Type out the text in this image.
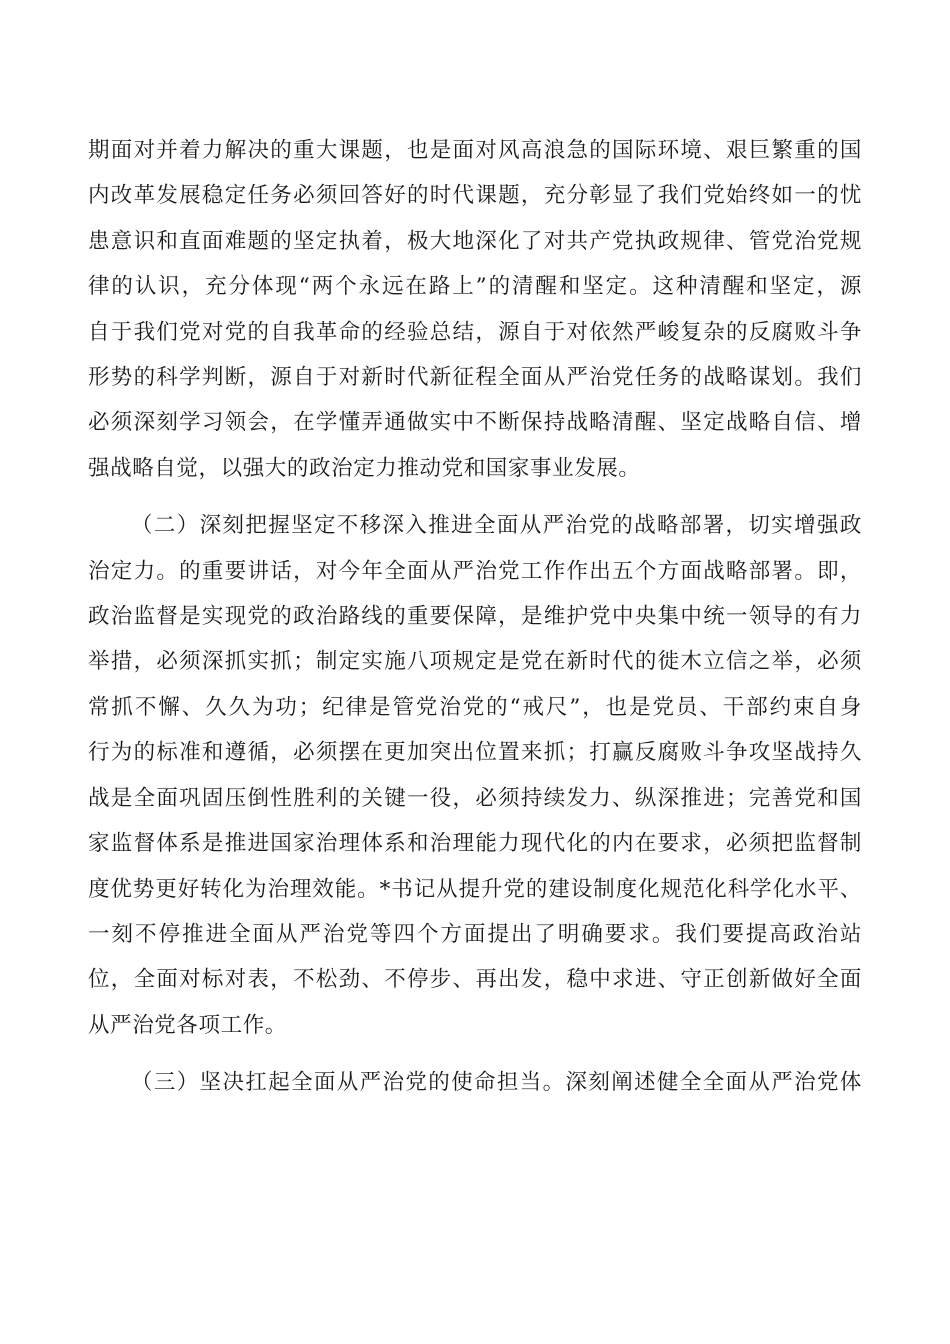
期面对并着力解决的重大课题，也是面对风高浪急的国际环境、艰巨繁重的国
内改革发展稳定任务必须回答好的时代课题，充分彰显了我们党始终如一的忧
患意识和直面难题的坚定执着，极大地深化了对共产党执政规律、管党治党规
律的认识，充分体现“两个永远在路上”的清醒和坚定。这种清醒和坚定，源
自于我们党对党的自我革命的经验总结，源自于对依然严峻复杂的反腐败斗争
形势的科学判断，源自于对新时代新征程全面从严治党任务的战略谋划。我们
必须深刻学习领会，在学懂弄通做实中不断保持战略清醒、坚定战略自信、增
强战略自觉，以强大的政治定力推动党和国家事业发展。

（二）深刻把握坚定不移深入推进全面从严治党的战略部署，切实增强政
治定力。的重要讲话，对今年全面从严治党工作作出五个方面战略部署。即，
政治监督是实现党的政治路线的重要保障，是维护党中央集中统一领导的有力
举措，必须深抓实抓；制定实施八项规定是党在新时代的徙木立信之举，必须
常抓不懈、久久为功；纪律是管党治党的“戒尺”，也是党员、干部约束自身
行为的标准和遵循，必须摆在更加突出位置来抓；打赢反腐败斗争攻坚战持久
战是全面巩固压倒性胜利的关键一役，必须持续发力、纵深推进；完善党和国
家监督体系是推进国家治理体系和治理能力现代化的内在要求，必须把监督制
度优势更好转化为治理效能。*书记从提升党的建设制度化规范化科学化水平、
一刻不停推进全面从严治党等四个方面提出了明确要求。我们要提高政治站
位，全面对标对表，不松劲、不停步、再出发，稳中求进、守正创新做好全面
从严治党各项工作。

（三）坚决扛起全面从严治党的使命担当。深刻阐述健全全面从严治党体
